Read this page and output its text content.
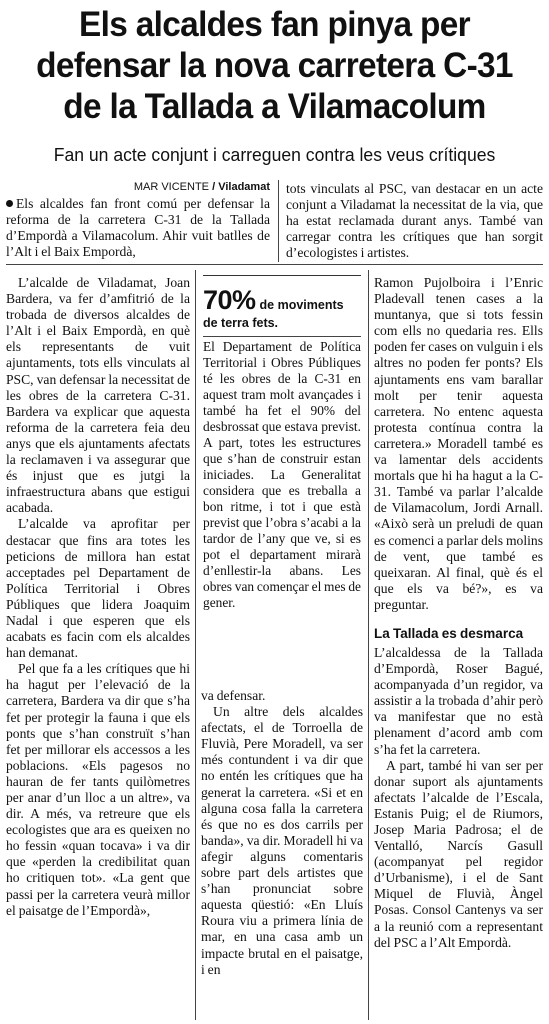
Els alcaldes fan pinya per
defensar la nova carretera C-31
de la Tallada a Vilamacolum
Fan un acte conjunt i carreguen contra les veus crítiques
MAR VICENTE / Viladamat

Els alcaldes fan front comú per defensar la reforma de la carretera C-31 de la Tallada d’Empordà a Vilamacolum. Ahir vuit batlles de l’Alt i el Baix Empordà,

tots vinculats al PSC, van destacar en un acte conjunt a Viladamat la necessitat de la via, que ha estat reclamada durant anys. També van carregar contra les crítiques que han sorgit d’ecologistes i artistes.

L’alcalde de Viladamat, Joan Bardera, va fer d’amfitrió de la trobada de diversos alcaldes de l’Alt i el Baix Empordà, en què els representants de vuit ajuntaments, tots ells vinculats al PSC, van defensar la necessitat de les obres de la carretera C-31. Bardera va explicar que aquesta reforma de la carretera feia deu anys que els ajuntaments afectats la reclamaven i va assegurar que és injust que es jutgi la infraestructura abans que estigui acabada.

L’alcalde va aprofitar per destacar que fins ara totes les peticions de millora han estat acceptades pel Departament de Política Territorial i Obres Públiques que lidera Joaquim Nadal i que esperen que els acabats es facin com els alcaldes han demanat.

Pel que fa a les crítiques que hi ha hagut per l’elevació de la carretera, Bardera va dir que s’ha fet per protegir la fauna i que els ponts que s’han construït s’han fet per millorar els accessos a les poblacions. «Els pagesos no hauran de fer tants quilòmetres per anar d’un lloc a un altre», va dir. A més, va retreure que els ecologistes que ara es queixen no ho fessin «quan tocava» i va dir que «perden la credibilitat quan ho critiquen tot». «La gent que passi per la carretera veurà millor el paisatge de l’Empordà»,

70% de moviments de terra fets.

El Departament de Política Territorial i Obres Públiques té les obres de la C-31 en aquest tram molt avançades i també ha fet el 90% del desbrossat que estava previst. A part, totes les estructures que s’han de construir estan iniciades. La Generalitat considera que es treballa a bon ritme, i tot i que està previst que l’obra s’acabi a la tardor de l’any que ve, si es pot el departament mirarà d’enllestir-la abans. Les obres van començar el mes de gener.

va defensar.

Un altre dels alcaldes afectats, el de Torroella de Fluvià, Pere Moradell, va ser més contundent i va dir que no entén les crítiques que ha generat la carretera. «Si et en alguna cosa falla la carretera és que no es dos carrils per banda», va dir. Moradell hi va afegir alguns comentaris sobre part dels artistes que s’han pronunciat sobre aquesta qüestió: «En Lluís Roura viu a primera línia de mar, en una casa amb un impacte brutal en el paisatge, i en

Ramon Pujolboira i l’Enric Pladevall tenen cases a la muntanya, que si tots fessin com ells no quedaria res. Ells poden fer cases on vulguin i els altres no poden fer ponts? Els ajuntaments ens vam barallar molt per tenir aquesta carretera. No entenc aquesta protesta contínua contra la carretera.» Moradell també es va lamentar dels accidents mortals que hi ha hagut a la C-31. També va parlar l’alcalde de Vilamacolum, Jordi Arnall. «Això serà un preludi de quan es comenci a parlar dels molins de vent, que també es queixaran. Al final, què és el que els va bé?», es va preguntar.

La Tallada es desmarca

L’alcaldessa de la Tallada d’Empordà, Roser Bagué, acompanyada d’un regidor, va assistir a la trobada d’ahir però va manifestar que no està plenament d’acord amb com s’ha fet la carretera.

A part, també hi van ser per donar suport als ajuntaments afectats l’alcalde de l’Escala, Estanis Puig; el de Riumors, Josep Maria Padrosa; el de Ventalló, Narcís Gasull (acompanyat pel regidor d’Urbanisme), i el de Sant Miquel de Fluvià, Àngel Posas. Consol Cantenys va ser a la reunió com a representant del PSC a l’Alt Empordà.
